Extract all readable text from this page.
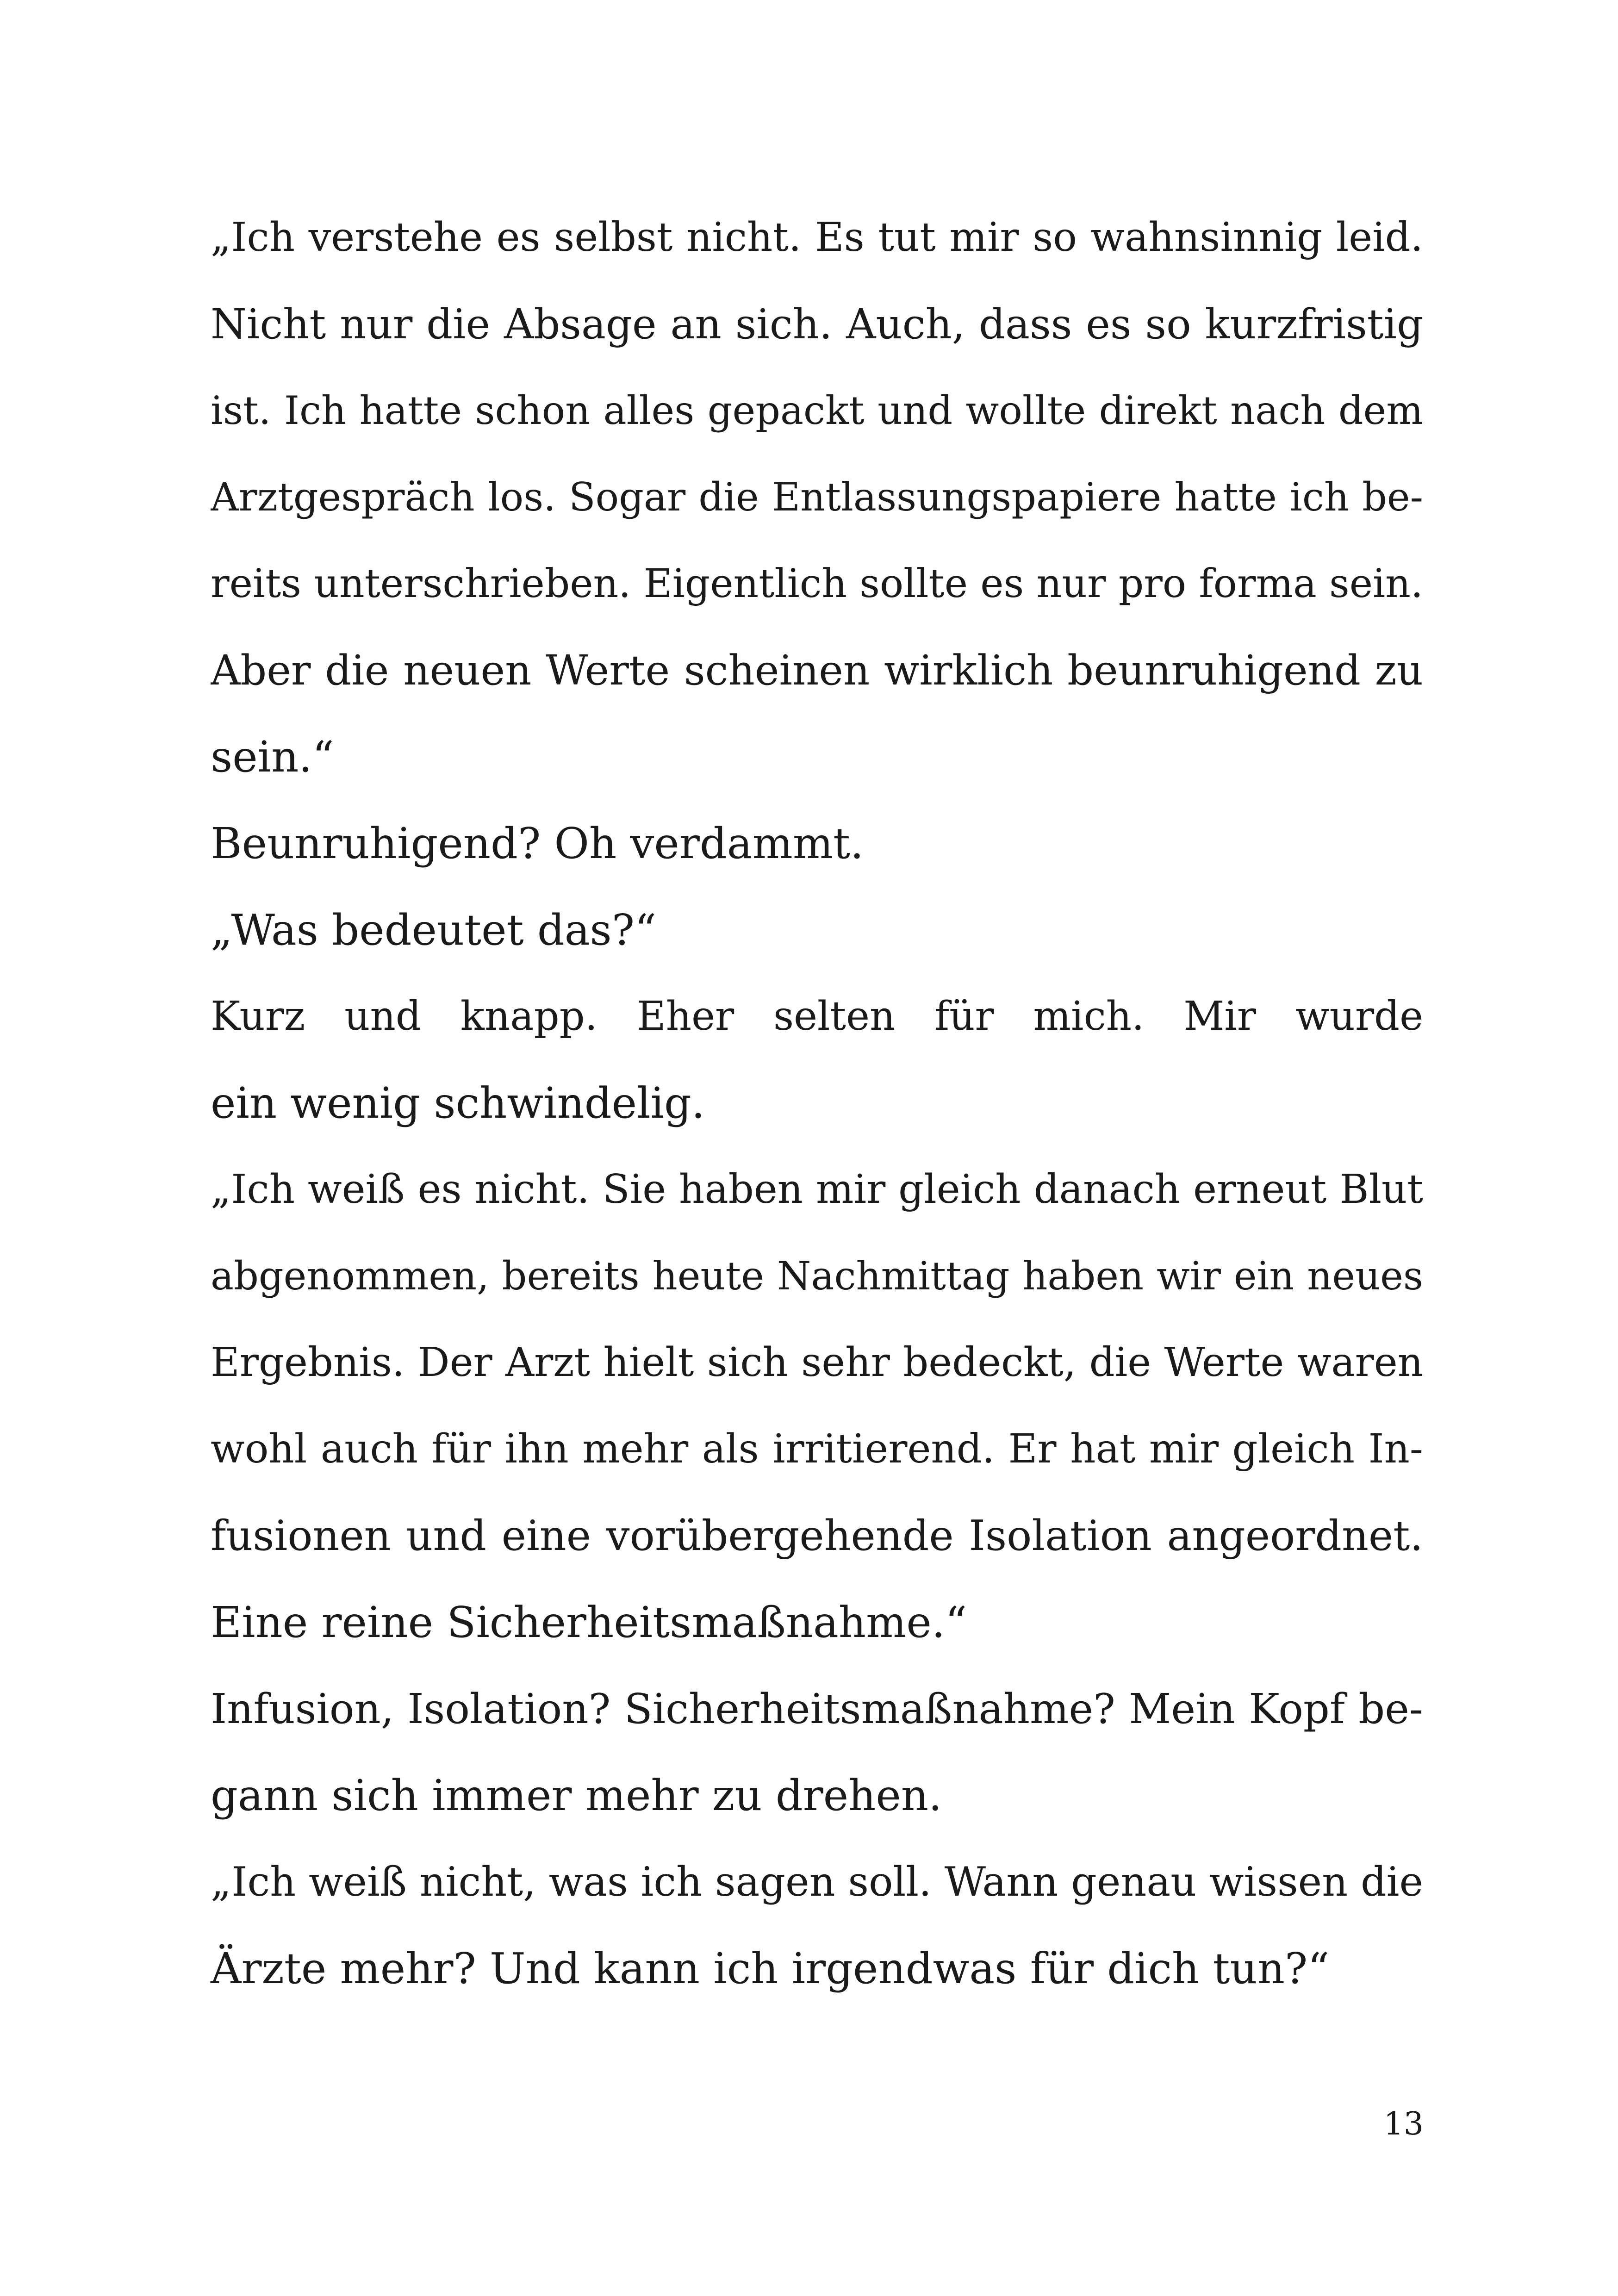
„Ich verstehe es selbst nicht. Es tut mir so wahnsinnig leid.
Nicht nur die Absage an sich. Auch, dass es so kurzfristig
ist. Ich hatte schon alles gepackt und wollte direkt nach dem
Arztgespräch los. Sogar die Entlassungspapiere hatte ich be-
reits unterschrieben. Eigentlich sollte es nur pro forma sein.
Aber die neuen Werte scheinen wirklich beunruhigend zu
sein.“
Beunruhigend? Oh verdammt.
„Was bedeutet das?“
Kurz und knapp. Eher selten für mich. Mir wurde
ein wenig schwindelig.
„Ich weiß es nicht. Sie haben mir gleich danach erneut Blut
abgenommen, bereits heute Nachmittag haben wir ein neues
Ergebnis. Der Arzt hielt sich sehr bedeckt, die Werte waren
wohl auch für ihn mehr als irritierend. Er hat mir gleich In-
fusionen und eine vorübergehende Isolation angeordnet.
Eine reine Sicherheitsmaßnahme.“
Infusion, Isolation? Sicherheitsmaßnahme? Mein Kopf be-
gann sich immer mehr zu drehen.
„Ich weiß nicht, was ich sagen soll. Wann genau wissen die
Ärzte mehr? Und kann ich irgendwas für dich tun?“
13
